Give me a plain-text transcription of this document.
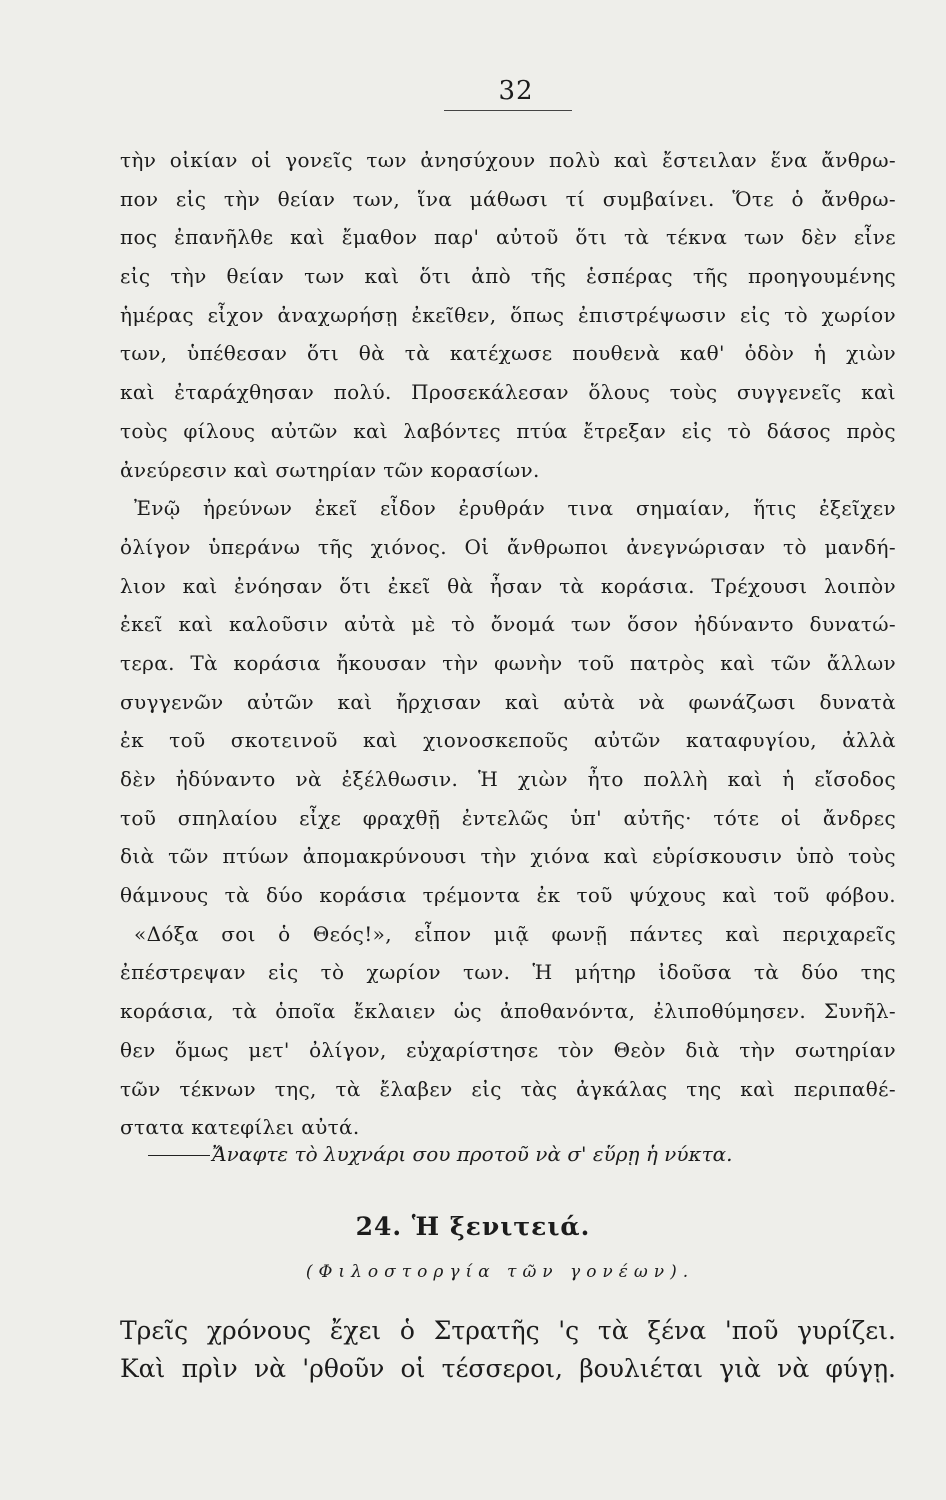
32
τὴν οἰκίαν οἱ γονεῖς των ἀνησύχουν πολὺ καὶ ἔστειλαν ἕνα ἄνθρω-
πον εἰς τὴν θείαν των, ἵνα μάθωσι τί συμβαίνει. Ὅτε ὁ ἄνθρω-
πος ἐπανῆλθε καὶ ἔμαθον παρ' αὐτοῦ ὅτι τὰ τέκνα των δὲν εἶνε
εἰς τὴν θείαν των καὶ ὅτι ἀπὸ τῆς ἑσπέρας τῆς προηγουμένης
ἡμέρας εἶχον ἀναχωρήσῃ ἐκεῖθεν, ὅπως ἐπιστρέψωσιν εἰς τὸ χωρίον
των, ὑπέθεσαν ὅτι θὰ τὰ κατέχωσε πουθενὰ καθ' ὁδὸν ἡ χιὼν
καὶ ἐταράχθησαν πολύ. Προσεκάλεσαν ὅλους τοὺς συγγενεῖς καὶ
τοὺς φίλους αὐτῶν καὶ λαβόντες πτύα ἔτρεξαν εἰς τὸ δάσος πρὸς
ἀνεύρεσιν καὶ σωτηρίαν τῶν κορασίων.
Ἐνῷ ἠρεύνων ἐκεῖ εἶδον ἐρυθράν τινα σημαίαν, ἥτις ἐξεῖχεν
ὀλίγον ὑπεράνω τῆς χιόνος. Οἱ ἄνθρωποι ἀνεγνώρισαν τὸ μανδή-
λιον καὶ ἐνόησαν ὅτι ἐκεῖ θὰ ἦσαν τὰ κοράσια. Τρέχουσι λοιπὸν
ἐκεῖ καὶ καλοῦσιν αὐτὰ μὲ τὸ ὄνομά των ὅσον ἠδύναντο δυνατώ-
τερα. Τὰ κοράσια ἤκουσαν τὴν φωνὴν τοῦ πατρὸς καὶ τῶν ἄλλων
συγγενῶν αὐτῶν καὶ ἤρχισαν καὶ αὐτὰ νὰ φωνάζωσι δυνατὰ
ἐκ τοῦ σκοτεινοῦ καὶ χιονοσκεποῦς αὐτῶν καταφυγίου, ἀλλὰ
δὲν ἠδύναντο νὰ ἐξέλθωσιν. Ἡ χιὼν ἦτο πολλὴ καὶ ἡ εἴσοδος
τοῦ σπηλαίου εἶχε φραχθῇ ἐντελῶς ὑπ' αὐτῆς· τότε οἱ ἄνδρες
διὰ τῶν πτύων ἀπομακρύνουσι τὴν χιόνα καὶ εὑρίσκουσιν ὑπὸ τοὺς
θάμνους τὰ δύο κοράσια τρέμοντα ἐκ τοῦ ψύχους καὶ τοῦ φόβου.
«Δόξα σοι ὁ Θεός!», εἶπον μιᾷ φωνῇ πάντες καὶ περιχαρεῖς
ἐπέστρεψαν εἰς τὸ χωρίον των. Ἡ μήτηρ ἰδοῦσα τὰ δύο της
κοράσια, τὰ ὁποῖα ἔκλαιεν ὡς ἀποθανόντα, ἐλιποθύμησεν. Συνῆλ-
θεν ὅμως μετ' ὀλίγον, εὐχαρίστησε τὸν Θεὸν διὰ τὴν σωτηρίαν
τῶν τέκνων της, τὰ ἔλαβεν εἰς τὰς ἀγκάλας της καὶ περιπαθέ-
στατα κατεφίλει αὐτά.
Ἄναφτε τὸ λυχνάρι σου προτοῦ νὰ σ' εὕρῃ ἡ νύκτα.
24. Ἡ ξενιτειά.
(Φιλοστοργία τῶν γονέων).
Τρεῖς χρόνους ἔχει ὁ Στρατῆς 'ς τὰ ξένα 'ποῦ γυρίζει.
Καὶ πρὶν νὰ 'ρθοῦν οἱ τέσσεροι, βουλιέται γιὰ νὰ φύγῃ.
